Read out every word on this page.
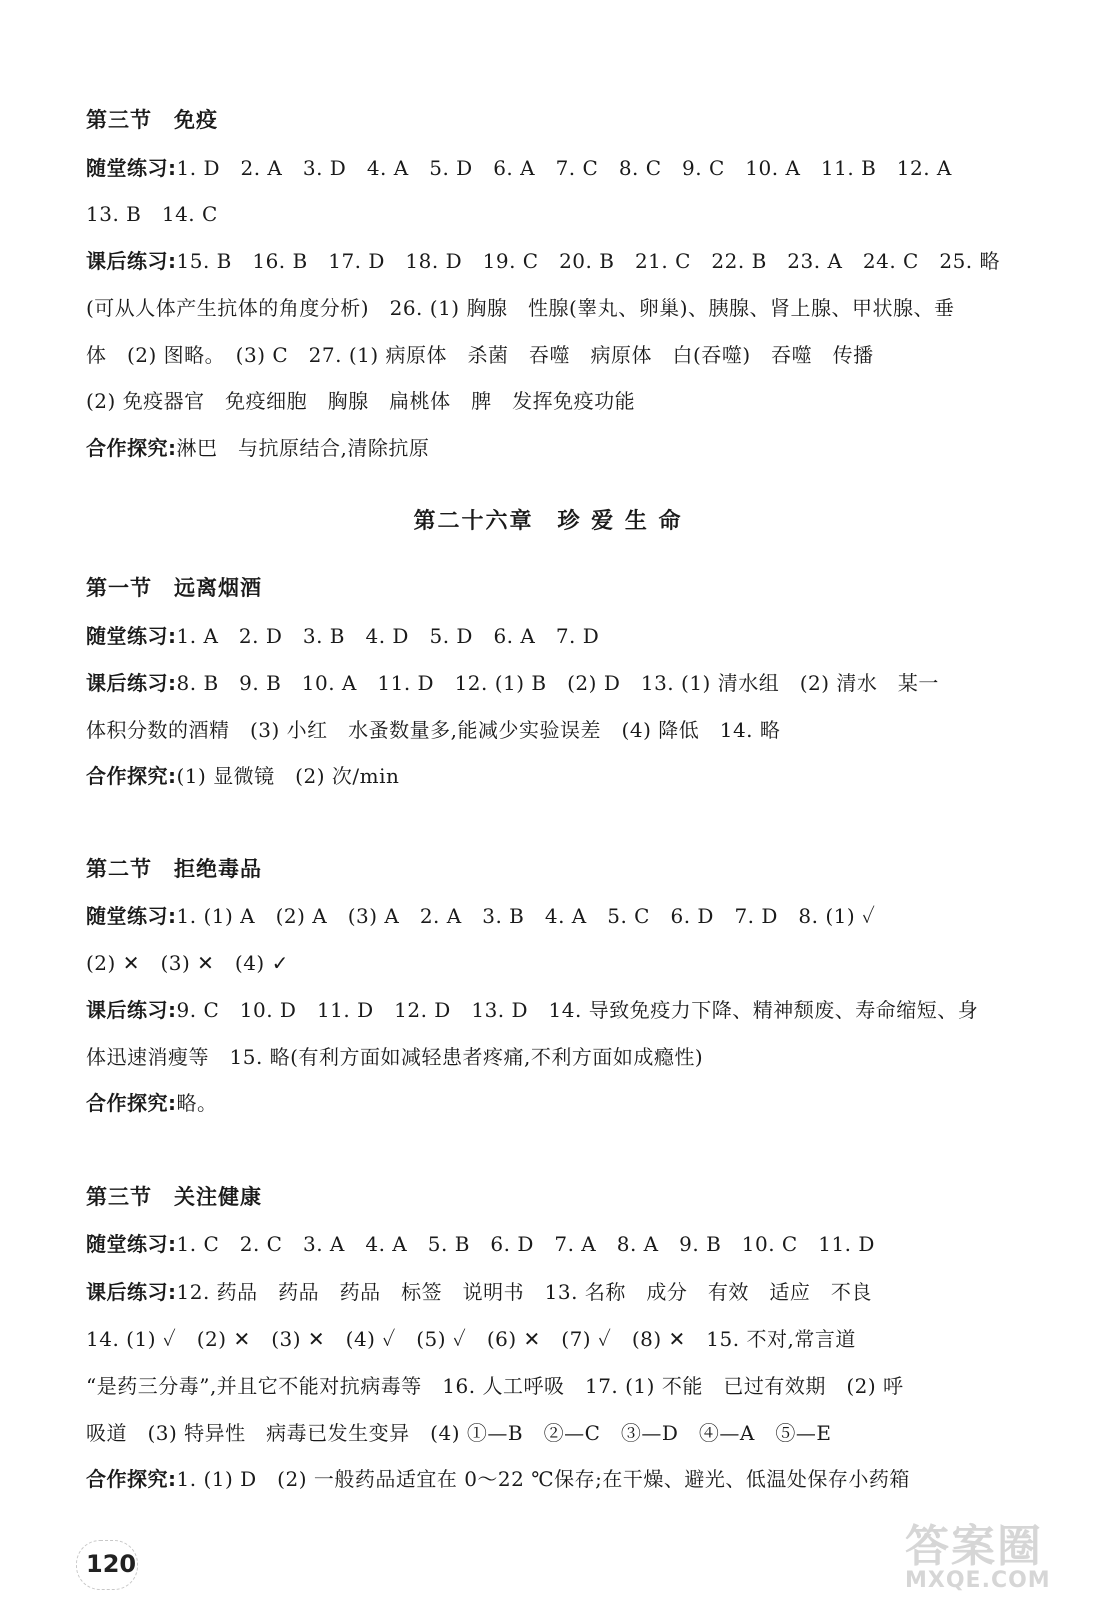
第三节 免疫
随堂练习:1. D　2. A　3. D　4. A　5. D　6. A　7. C　8. C　9. C　10. A　11. B　12. A
13. B　14. C
课后练习:15. B　16. B　17. D　18. D　19. C　20. B　21. C　22. B　23. A　24. C　25. 略
(可从人体产生抗体的角度分析)　26. (1) 胸腺　性腺(睾丸、卵巢)、胰腺、肾上腺、甲状腺、垂
体　(2) 图略。　(3) C　27. (1) 病原体　杀菌　吞噬　病原体　白(吞噬)　吞噬　传播
(2) 免疫器官　免疫细胞　胸腺　扁桃体　脾　发挥免疫功能
合作探究:淋巴　与抗原结合,清除抗原
第二十六章　珍 爱 生 命
第一节 远离烟酒
随堂练习:1. A　2. D　3. B　4. D　5. D　6. A　7. D
课后练习:8. B　9. B　10. A　11. D　12. (1) B　(2) D　13. (1) 清水组　(2) 清水　某一
体积分数的酒精　(3) 小红　水蚤数量多,能减少实验误差　(4) 降低　14. 略
合作探究:(1) 显微镜　(2) 次/min
第二节 拒绝毒品
随堂练习:1. (1) A　(2) A　(3) A　2. A　3. B　4. A　5. C　6. D　7. D　8. (1) ✓
(2) ✕　(3) ✕　(4) ✓
课后练习:9. C　10. D　11. D　12. D　13. D　14. 导致免疫力下降、精神颓废、寿命缩短、身
体迅速消瘦等　15. 略(有利方面如减轻患者疼痛,不利方面如成瘾性)
合作探究:略。
第三节 关注健康
随堂练习:1. C　2. C　3. A　4. A　5. B　6. D　7. A　8. A　9. B　10. C　11. D
课后练习:12. 药品　药品　药品　标签　说明书　13. 名称　成分　有效　适应　不良
14. (1) ✓　(2) ✕　(3) ✕　(4) ✓　(5) ✓　(6) ✕　(7) ✓　(8) ✕　15. 不对,常言道
“是药三分毒”,并且它不能对抗病毒等　16. 人工呼吸　17. (1) 不能　已过有效期　(2) 呼
吸道　(3) 特异性　病毒已发生变异　(4) ①—B　②—C　③—D　④—A　⑤—E
合作探究:1. (1) D　(2) 一般药品适宜在 0～22 ℃保存;在干燥、避光、低温处保存小药箱
120	答案圈
MXQE.COM
